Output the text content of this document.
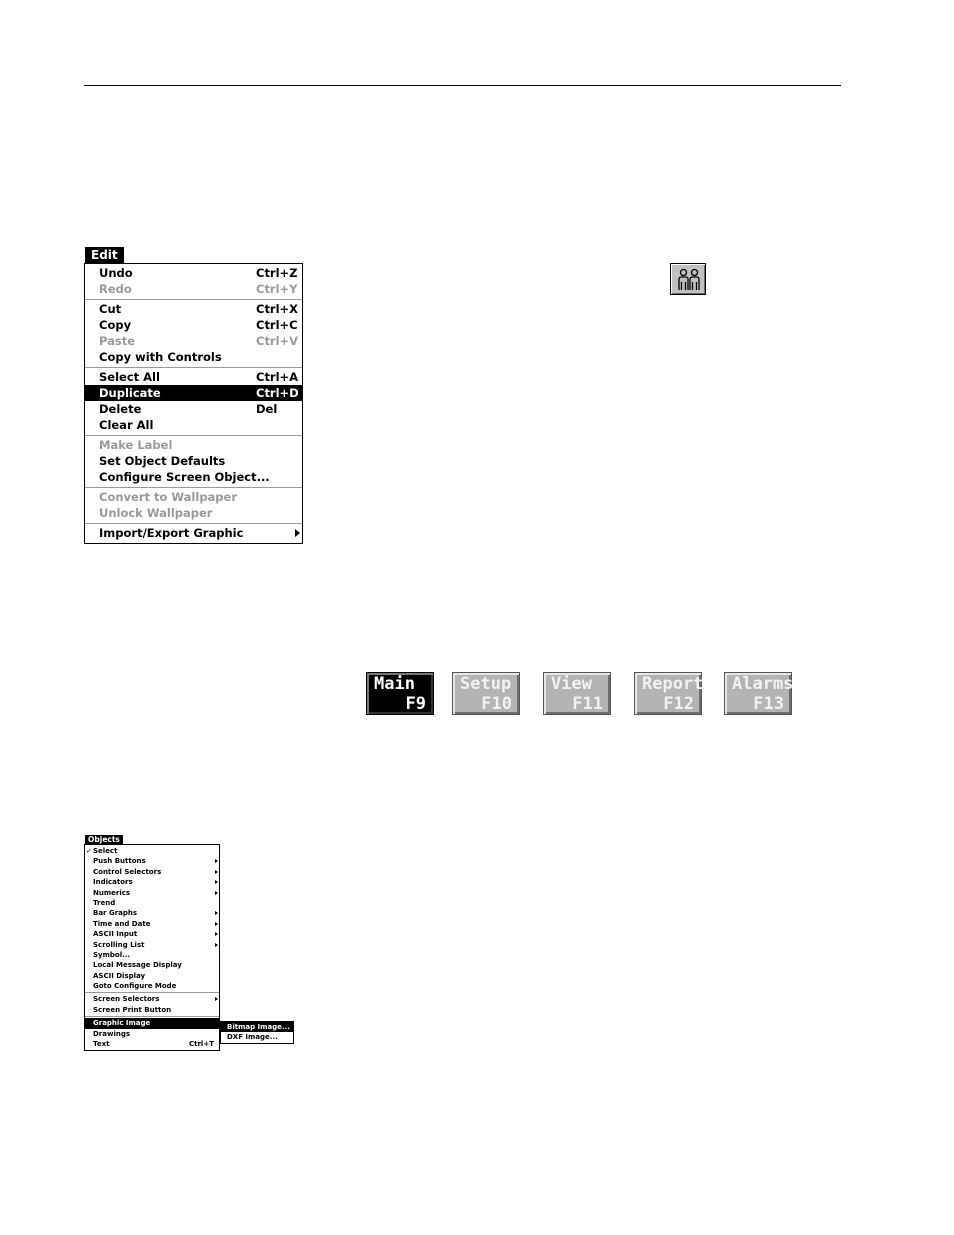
Edit
Undo	Ctrl+Z
Redo	Ctrl+Y
Cut	Ctrl+X
Copy	Ctrl+C
Paste	Ctrl+V
Copy with Controls
Select All	Ctrl+A
Duplicate	Ctrl+D
Delete	Del
Clear All
Make Label
Set Object Defaults
Configure Screen Object...
Convert to Wallpaper
Unlock Wallpaper
Import/Export Graphic
Main
F9
Setup
F10
View
F11
Report
F12
Alarms
F13
Objects
✓ Select
Push Buttons
Control Selectors
Indicators
Numerics
Trend
Bar Graphs
Time and Date
ASCII Input
Scrolling List
Symbol...
Local Message Display
ASCII Display
Goto Configure Mode
Screen Selectors
Screen Print Button
Graphic Image
Drawings
Text	Ctrl+T
Bitmap Image...
DXF Image...
